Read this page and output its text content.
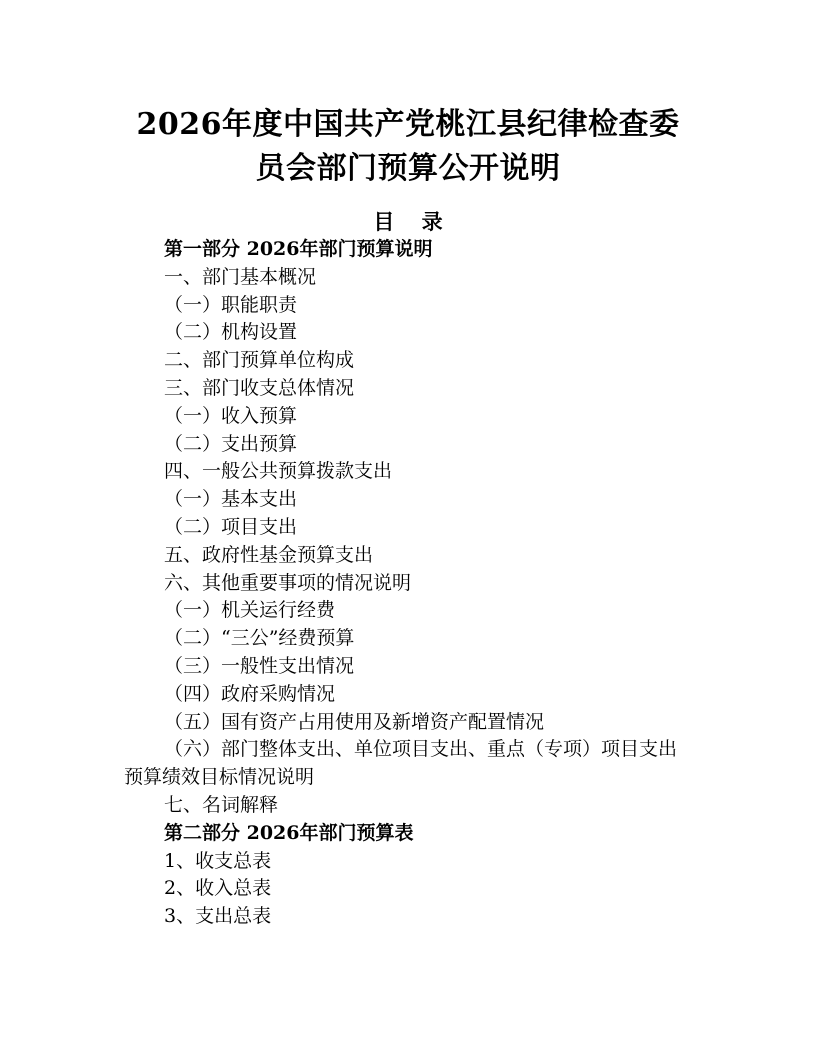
2026年度中国共产党桃江县纪律检查委
员会部门预算公开说明
目 录
第一部分 2026年部门预算说明
一、部门基本概况
（一）职能职责
（二）机构设置
二、部门预算单位构成
三、部门收支总体情况
（一）收入预算
（二）支出预算
四、一般公共预算拨款支出
（一）基本支出
（二）项目支出
五、政府性基金预算支出
六、其他重要事项的情况说明
（一）机关运行经费
（二）“三公”经费预算
（三）一般性支出情况
（四）政府采购情况
（五）国有资产占用使用及新增资产配置情况
（六）部门整体支出、单位项目支出、重点（专项）项目支出预算绩效目标情况说明
七、名词解释
第二部分 2026年部门预算表
1、收支总表
2、收入总表
3、支出总表
